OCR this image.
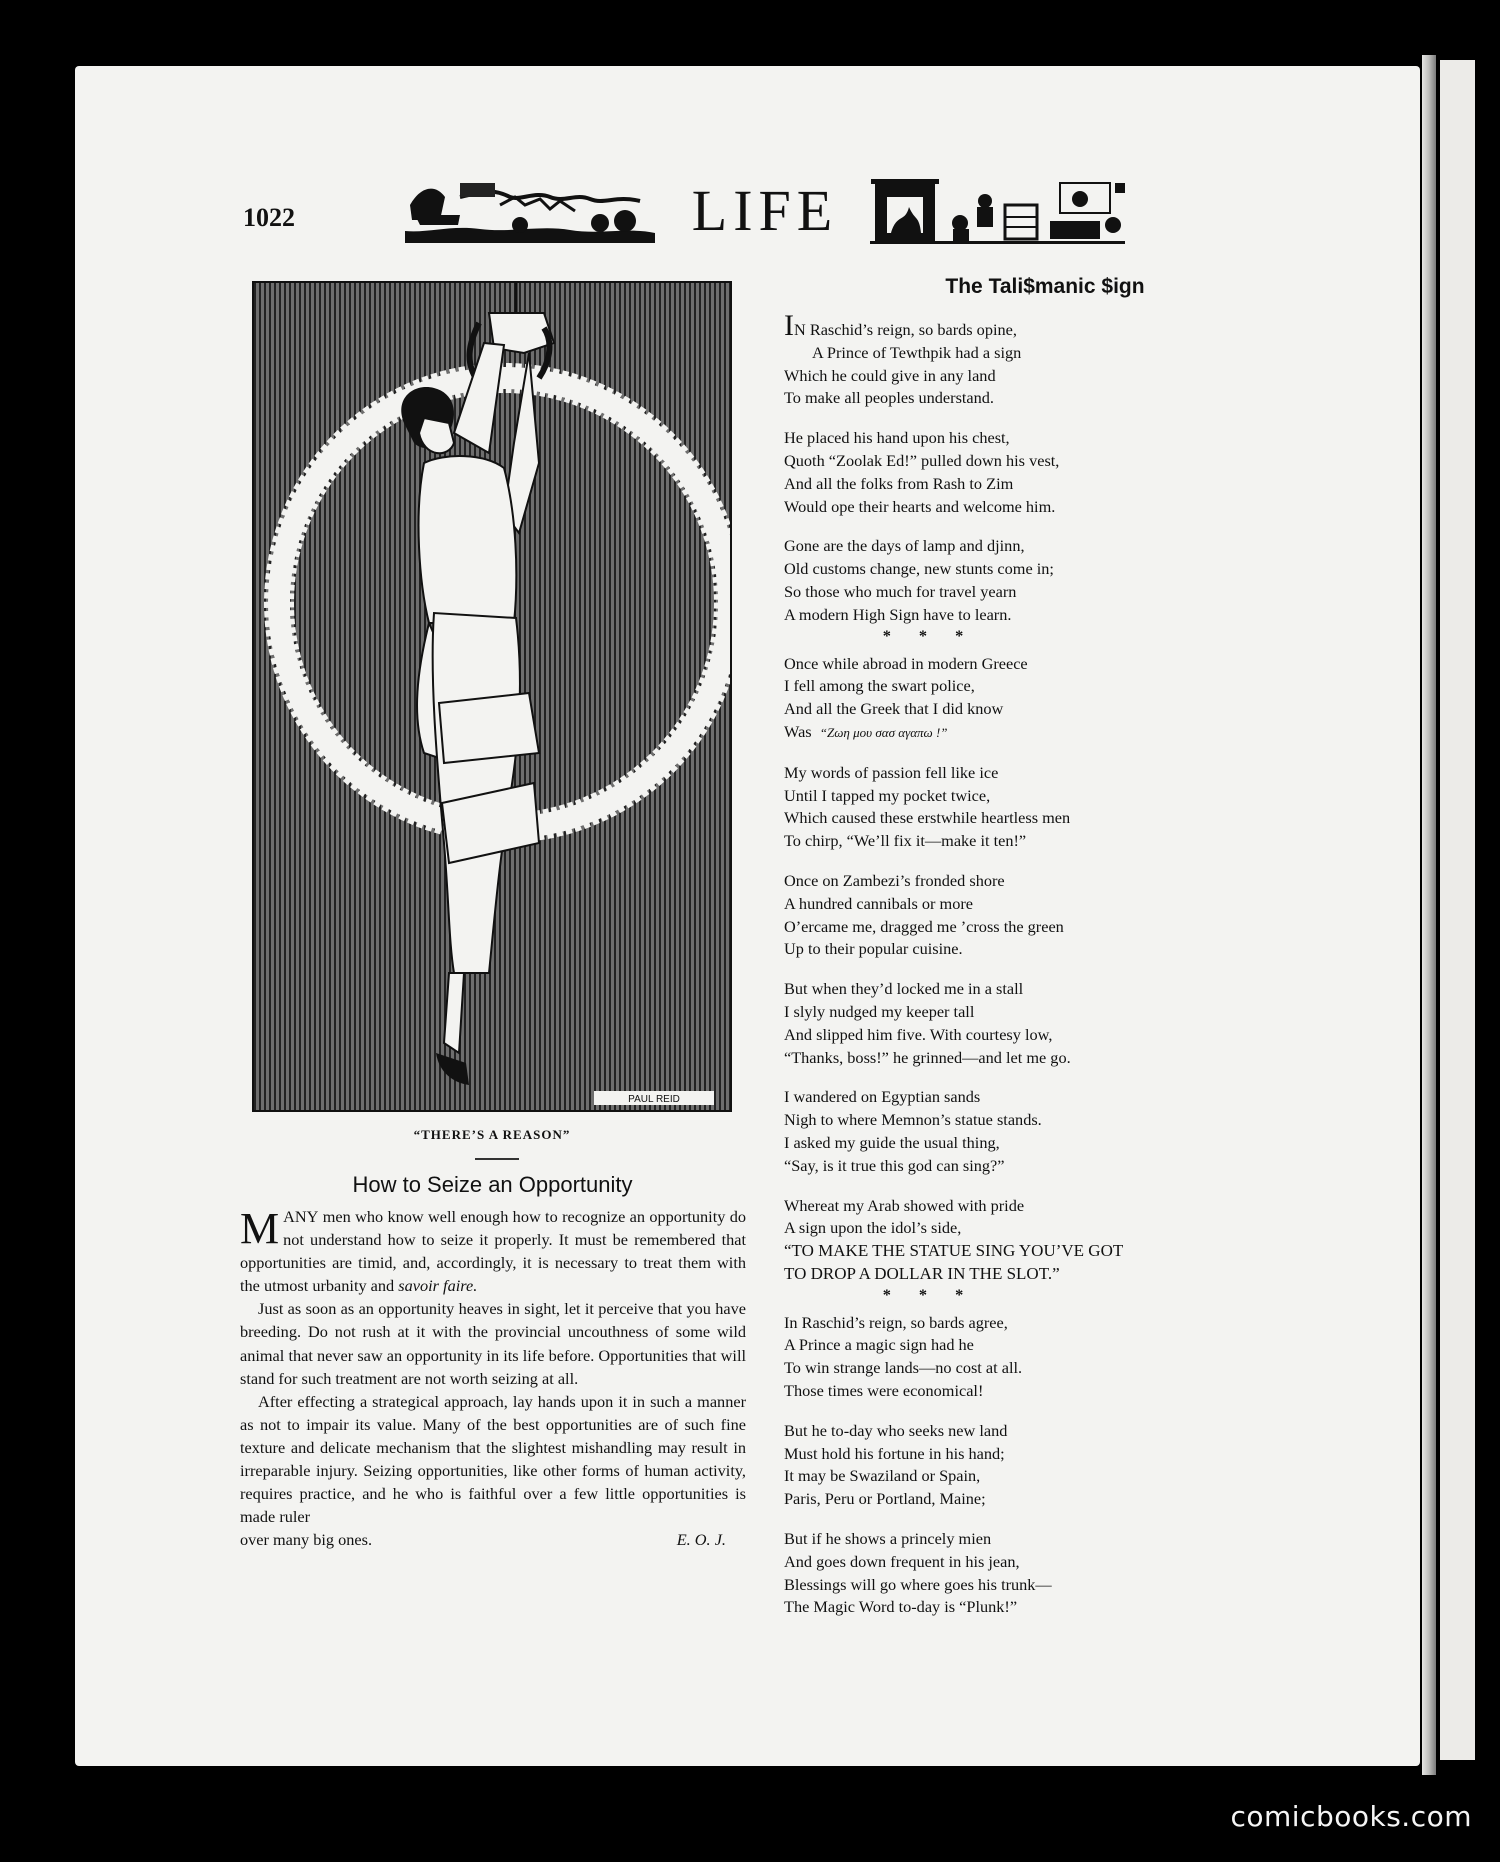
1022	LIFE
PAUL REID
“THERE’S A REASON”
How to Seize an Opportunity

MANY men who know well enough how to recognize an opportunity do not understand how to seize it properly. It must be remembered that opportunities are timid, and, accordingly, it is necessary to treat them with the utmost urbanity and savoir faire.

Just as soon as an opportunity heaves in sight, let it perceive that you have breeding. Do not rush at it with the provincial uncouthness of some wild animal that never saw an opportunity in its life before. Opportunities that will stand for such treatment are not worth seizing at all.

After effecting a strategical approach, lay hands upon it in such a manner as not to impair its value. Many of the best opportunities are of such fine texture and delicate mechanism that the slightest mishandling may result in irreparable injury. Seizing opportunities, like other forms of human activity, requires practice, and he who is faithful over a few little opportunities is made ruler

over many big ones.	E. O. J.
The Tali$manic $ign
IN Raschid’s reign, so bards opine,
A Prince of Tewthpik had a sign
Which he could give in any land
To make all peoples understand.
He placed his hand upon his chest,
Quoth “Zoolak Ed!” pulled down his vest,
And all the folks from Rash to Zim
Would ope their hearts and welcome him.
Gone are the days of lamp and djinn,
Old customs change, new stunts come in;
So those who much for travel yearn
A modern High Sign have to learn.
* * *
Once while abroad in modern Greece
I fell among the swart police,
And all the Greek that I did know
Was “Ζωη μου σασ αγαπω !”
My words of passion fell like ice
Until I tapped my pocket twice,
Which caused these erstwhile heartless men
To chirp, “We’ll fix it—make it ten!”
Once on Zambezi’s fronded shore
A hundred cannibals or more
O’ercame me, dragged me ’cross the green
Up to their popular cuisine.
But when they’d locked me in a stall
I slyly nudged my keeper tall
And slipped him five. With courtesy low,
“Thanks, boss!” he grinned—and let me go.
I wandered on Egyptian sands
Nigh to where Memnon’s statue stands.
I asked my guide the usual thing,
“Say, is it true this god can sing?”
Whereat my Arab showed with pride
A sign upon the idol’s side,
“TO MAKE THE STATUE SING YOU’VE GOT
TO DROP A DOLLAR IN THE SLOT.”
* * *
In Raschid’s reign, so bards agree,
A Prince a magic sign had he
To win strange lands—no cost at all.
Those times were economical!
But he to-day who seeks new land
Must hold his fortune in his hand;
It may be Swaziland or Spain,
Paris, Peru or Portland, Maine;
But if he shows a princely mien
And goes down frequent in his jean,
Blessings will go where goes his trunk—
The Magic Word to-day is “Plunk!”
comicbooks.com
